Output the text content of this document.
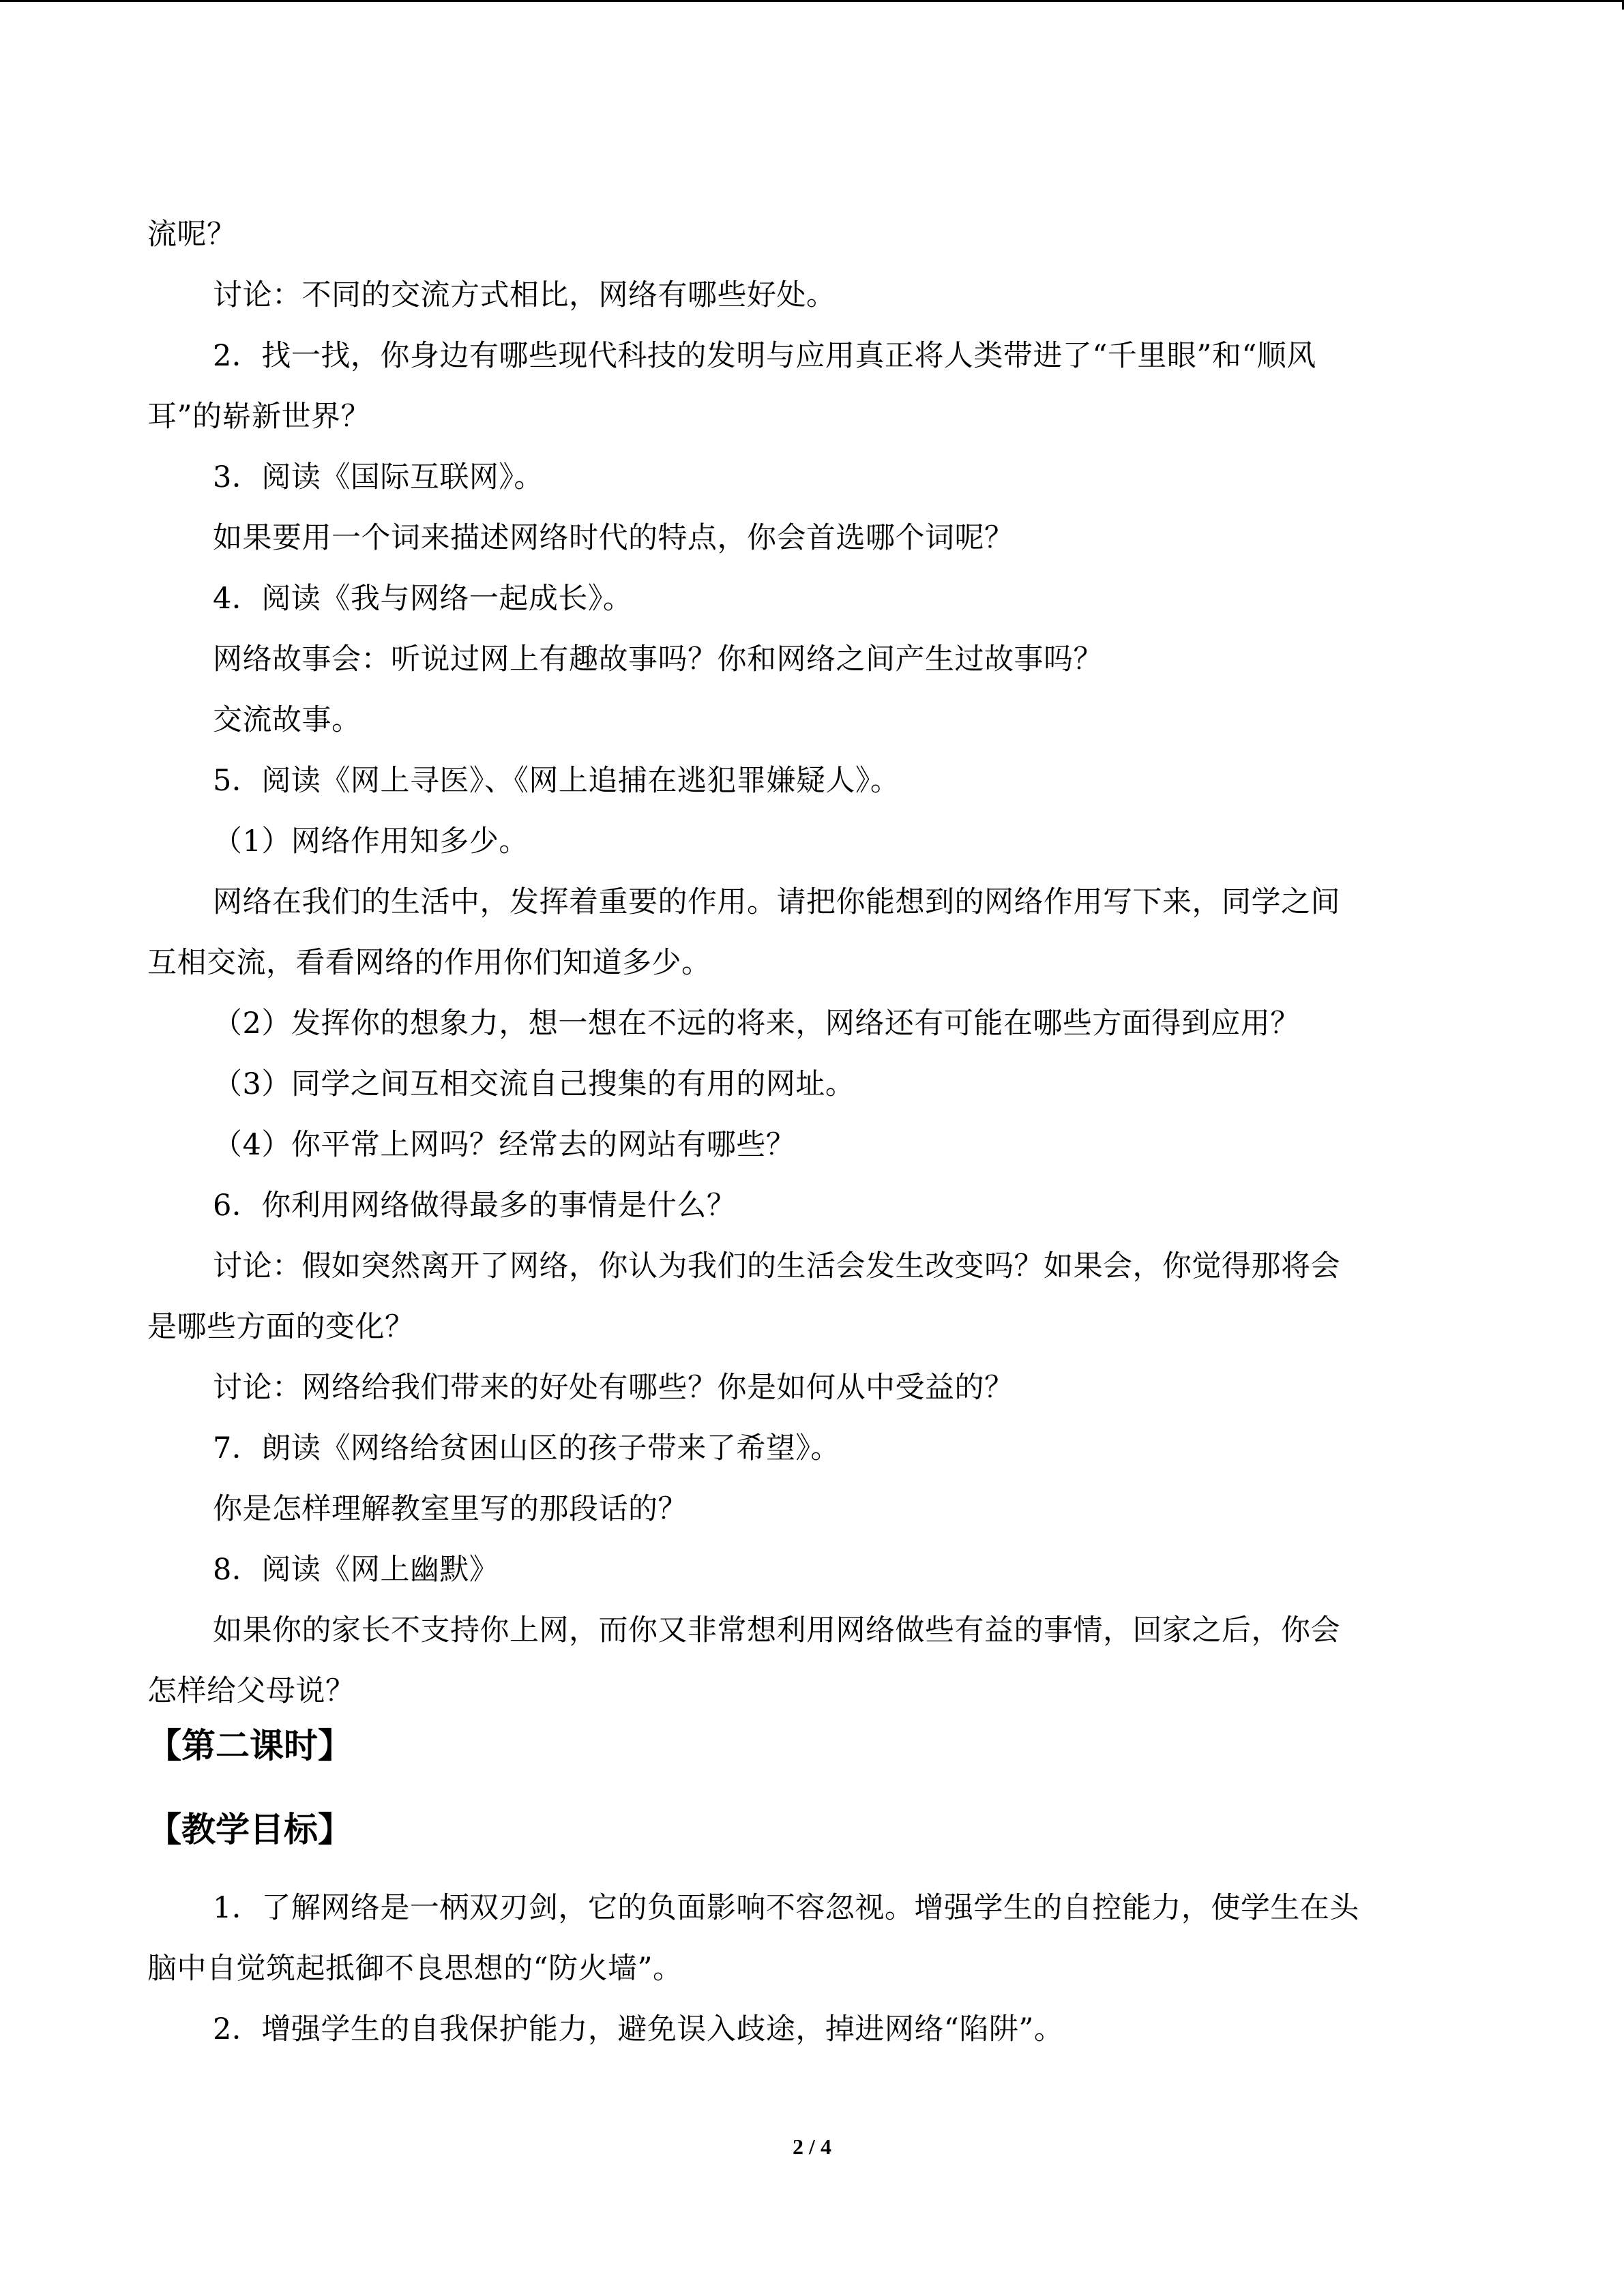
流呢？
讨论：不同的交流方式相比，网络有哪些好处。
2．找一找，你身边有哪些现代科技的发明与应用真正将人类带进了“千里眼”和“顺风
耳”的崭新世界？
3．阅读《国际互联网》。
如果要用一个词来描述网络时代的特点，你会首选哪个词呢？
4．阅读《我与网络一起成长》。
网络故事会：听说过网上有趣故事吗？你和网络之间产生过故事吗？
交流故事。
5．阅读《网上寻医》、《网上追捕在逃犯罪嫌疑人》。
（1）网络作用知多少。
网络在我们的生活中，发挥着重要的作用。请把你能想到的网络作用写下来，同学之间
互相交流，看看网络的作用你们知道多少。
（2）发挥你的想象力，想一想在不远的将来，网络还有可能在哪些方面得到应用？
（3）同学之间互相交流自己搜集的有用的网址。
（4）你平常上网吗？经常去的网站有哪些？
6．你利用网络做得最多的事情是什么？
讨论：假如突然离开了网络，你认为我们的生活会发生改变吗？如果会，你觉得那将会
是哪些方面的变化？
讨论：网络给我们带来的好处有哪些？你是如何从中受益的？
7．朗读《网络给贫困山区的孩子带来了希望》。
你是怎样理解教室里写的那段话的？
8．阅读《网上幽默》
如果你的家长不支持你上网，而你又非常想利用网络做些有益的事情，回家之后，你会
怎样给父母说？
【第二课时】
【教学目标】
1．了解网络是一柄双刃剑，它的负面影响不容忽视。增强学生的自控能力，使学生在头
脑中自觉筑起抵御不良思想的“防火墙”。
2．增强学生的自我保护能力，避免误入歧途，掉进网络“陷阱”。
2 / 4
